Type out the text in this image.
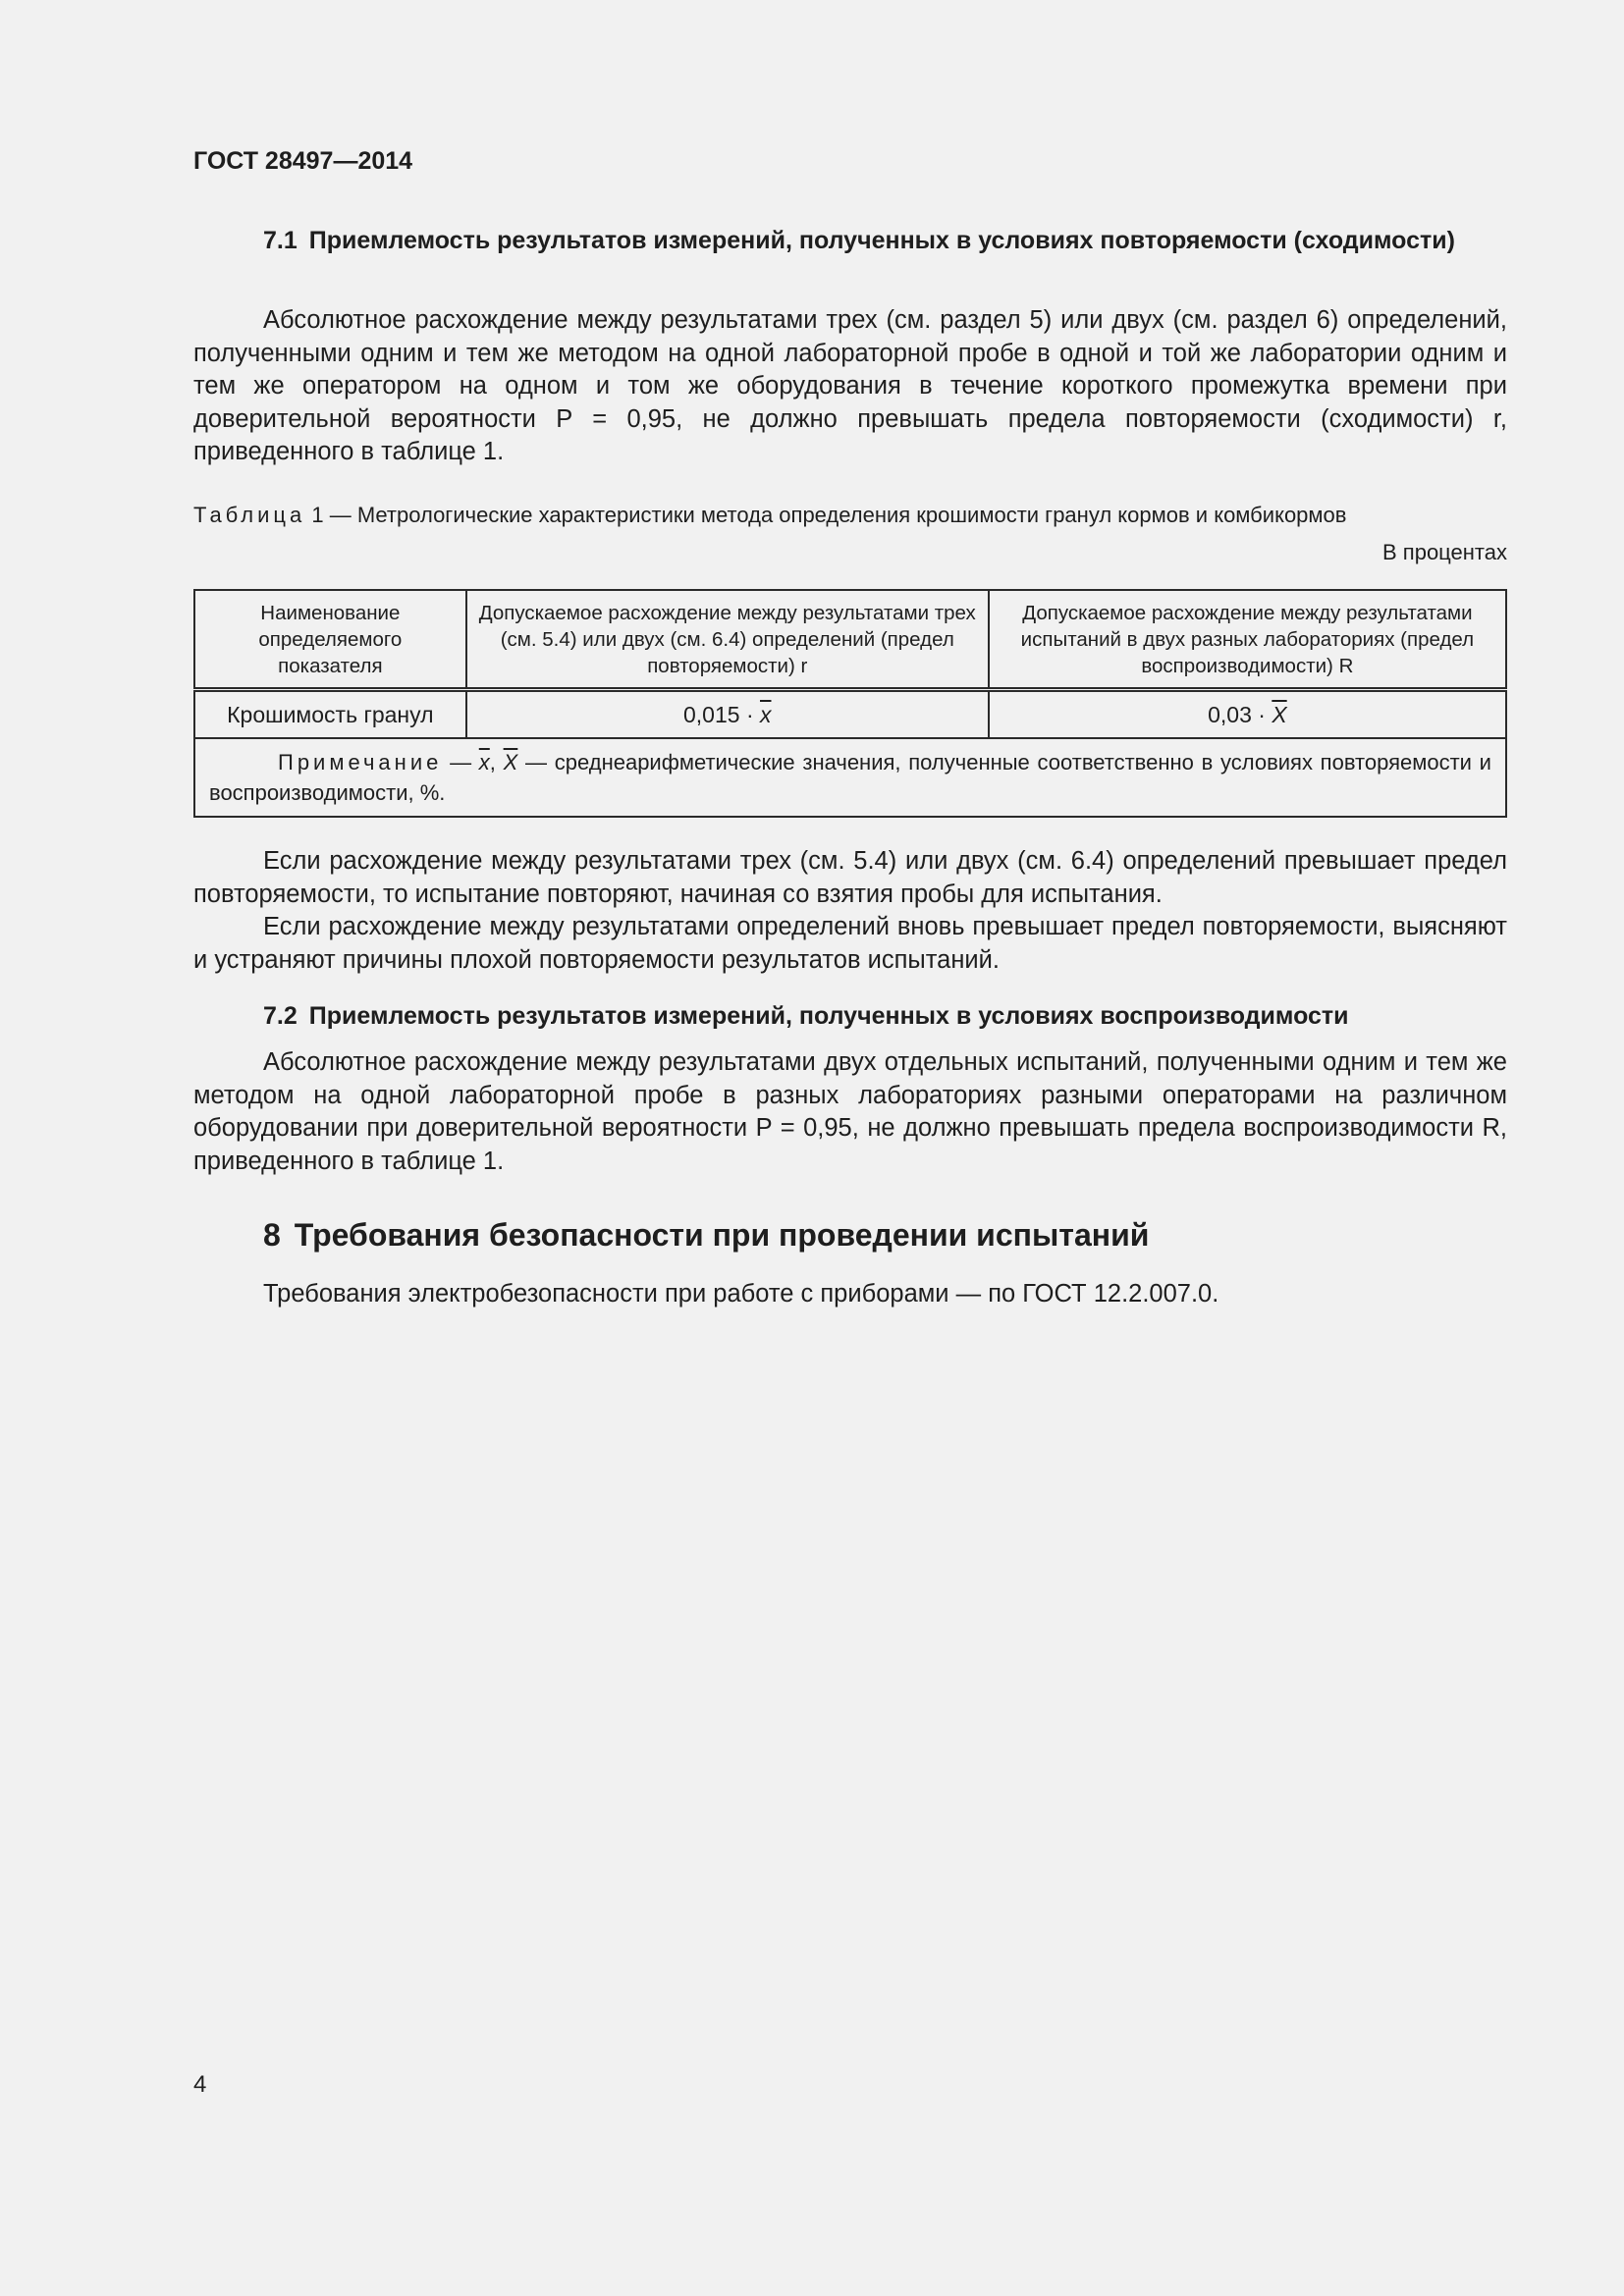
ГОСТ 28497—2014
7.1 Приемлемость результатов измерений, полученных в условиях повторяемости (сходимости)

Абсолютное расхождение между результатами трех (см. раздел 5) или двух (см. раздел 6) определений, полученными одним и тем же методом на одной лабораторной пробе в одной и той же лаборатории одним и тем же оператором на одном и том же оборудования в течение короткого промежутка времени при доверительной вероятности P = 0,95, не должно превышать предела повторяемости (сходимости) r, приведенного в таблице 1.

Таблица 1 — Метрологические характеристики метода определения крошимости гранул кормов и комбикормов
В процентах
Наименование определяемого показателя	Допускаемое расхождение между результатами трех (см. 5.4) или двух (см. 6.4) определений (предел повторяемости) r	Допускаемое расхождение между результатами испытаний в двух разных лабораториях (предел воспроизводимости) R
Крошимость гранул	$0,015 \cdot \overline{x}$	$0,03 \cdot \overline{X}$
Примечание — $\overline{x}$, $\overline{X}$ — среднеарифметические значения, полученные соответственно в условиях повторяемости и воспроизводимости, %.		

Если расхождение между результатами трех (см. 5.4) или двух (см. 6.4) определений превышает предел повторяемости, то испытание повторяют, начиная со взятия пробы для испытания.

Если расхождение между результатами определений вновь превышает предел повторяемости, выясняют и устраняют причины плохой повторяемости результатов испытаний.

7.2 Приемлемость результатов измерений, полученных в условиях воспроизводимости

Абсолютное расхождение между результатами двух отдельных испытаний, полученными одним и тем же методом на одной лабораторной пробе в разных лабораториях разными операторами на различном оборудовании при доверительной вероятности P = 0,95, не должно превышать предела воспроизводимости R, приведенного в таблице 1.

8 Требования безопасности при проведении испытаний

Требования электробезопасности при работе с приборами — по ГОСТ 12.2.007.0.

4
